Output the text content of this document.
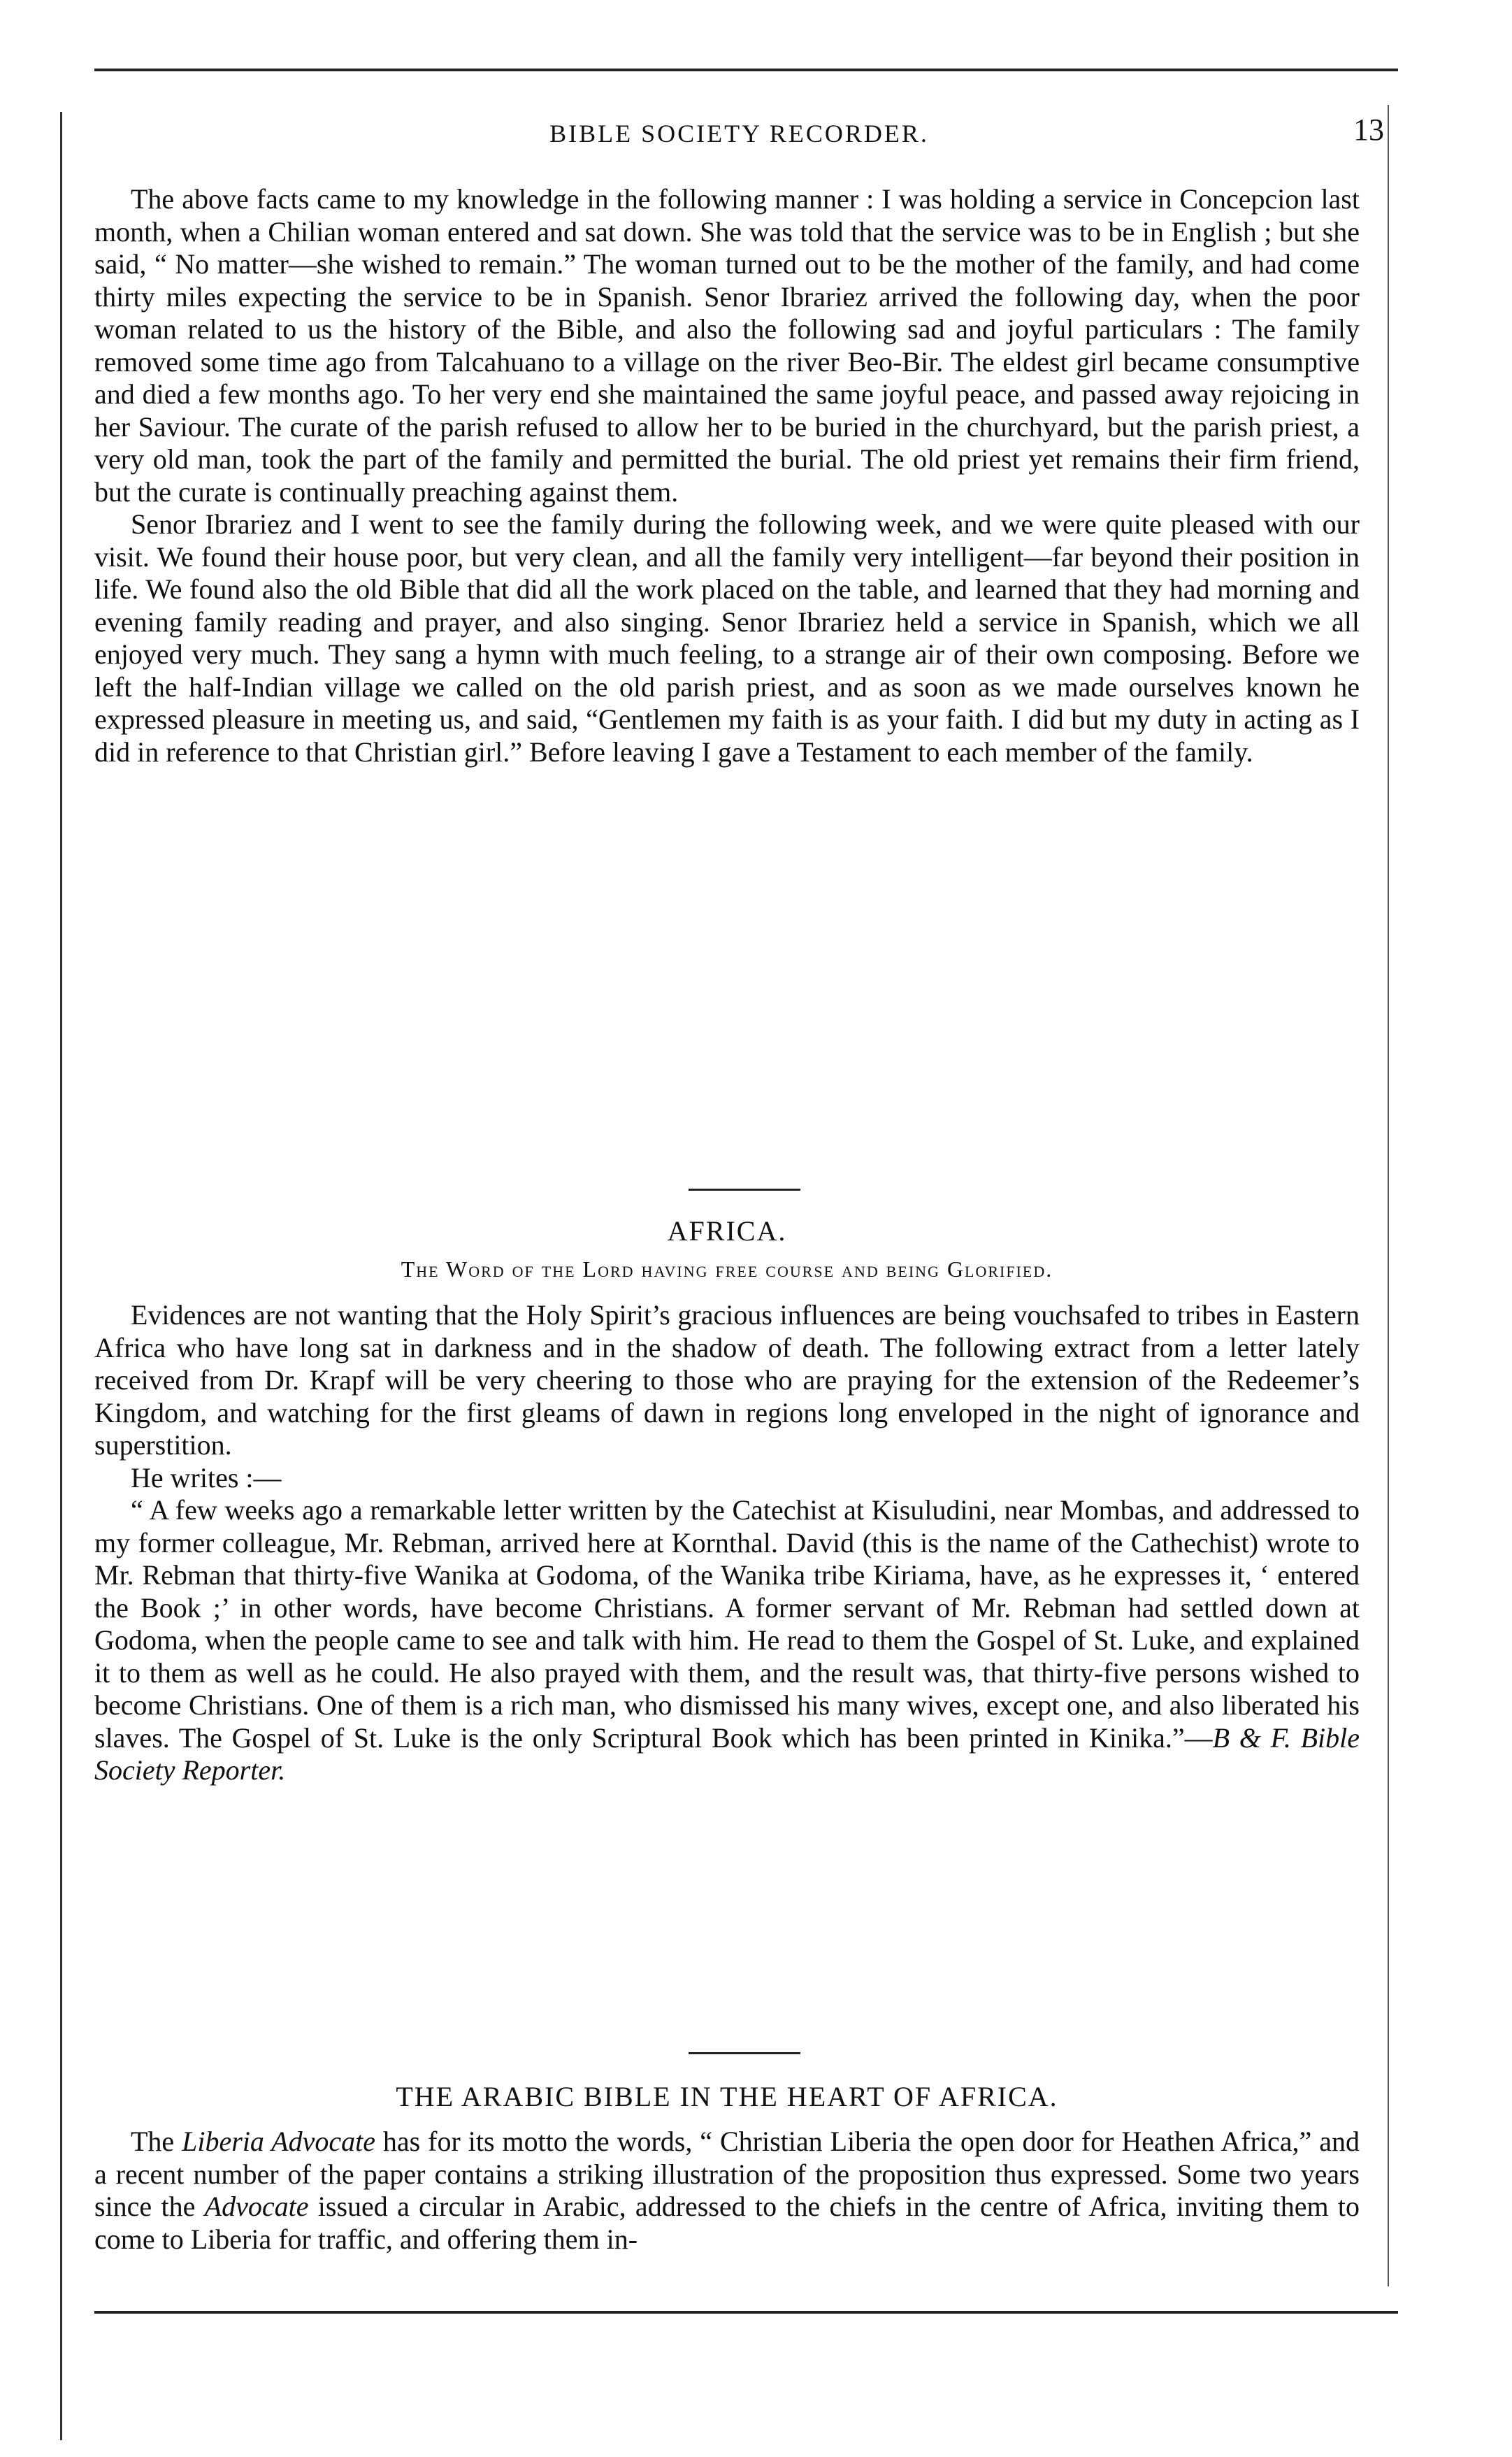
BIBLE SOCIETY RECORDER.	13

The above facts came to my knowledge in the following manner : I was holding a service in Concepcion last month, when a Chilian woman entered and sat down. She was told that the service was to be in English ; but she said, “ No matter—she wished to remain.” The woman turned out to be the mother of the family, and had come thirty miles expecting the service to be in Spanish. Senor Ibrariez arrived the following day, when the poor woman related to us the history of the Bible, and also the following sad and joyful particulars : The family removed some time ago from Talcahuano to a village on the river Beo-Bir. The eldest girl became consumptive and died a few months ago. To her very end she maintained the same joyful peace, and passed away rejoicing in her Saviour. The curate of the parish refused to allow her to be buried in the churchyard, but the parish priest, a very old man, took the part of the family and permitted the burial. The old priest yet remains their firm friend, but the curate is continually preaching against them.

Senor Ibrariez and I went to see the family during the following week, and we were quite pleased with our visit. We found their house poor, but very clean, and all the family very intelligent—far beyond their position in life. We found also the old Bible that did all the work placed on the table, and learned that they had morning and evening family reading and prayer, and also singing. Senor Ibrariez held a service in Spanish, which we all enjoyed very much. They sang a hymn with much feeling, to a strange air of their own composing. Before we left the half-Indian village we called on the old parish priest, and as soon as we made ourselves known he expressed pleasure in meeting us, and said, “Gentlemen my faith is as your faith. I did but my duty in acting as I did in reference to that Christian girl.” Before leaving I gave a Testament to each member of the family.

AFRICA.
The Word of the Lord having free course and being Glorified.

Evidences are not wanting that the Holy Spirit’s gracious influences are being vouchsafed to tribes in Eastern Africa who have long sat in darkness and in the shadow of death. The following extract from a letter lately received from Dr. Krapf will be very cheering to those who are praying for the extension of the Redeemer’s Kingdom, and watching for the first gleams of dawn in regions long enveloped in the night of ignorance and superstition.

He writes :—

“ A few weeks ago a remarkable letter written by the Catechist at Kisuludini, near Mombas, and addressed to my former colleague, Mr. Rebman, arrived here at Kornthal. David (this is the name of the Cathechist) wrote to Mr. Rebman that thirty-five Wanika at Godoma, of the Wanika tribe Kiriama, have, as he expresses it, ‘ entered the Book ;’ in other words, have become Christians. A former servant of Mr. Rebman had settled down at Godoma, when the people came to see and talk with him. He read to them the Gospel of St. Luke, and explained it to them as well as he could. He also prayed with them, and the result was, that thirty-five persons wished to become Christians. One of them is a rich man, who dismissed his many wives, except one, and also liberated his slaves. The Gospel of St. Luke is the only Scriptural Book which has been printed in Kinika.”—B & F. Bible Society Reporter.

THE ARABIC BIBLE IN THE HEART OF AFRICA.

The Liberia Advocate has for its motto the words, “ Christian Liberia the open door for Heathen Africa,” and a recent number of the paper contains a striking illustration of the proposition thus expressed. Some two years since the Advocate issued a circular in Arabic, addressed to the chiefs in the centre of Africa, inviting them to come to Liberia for traffic, and offering them in-
